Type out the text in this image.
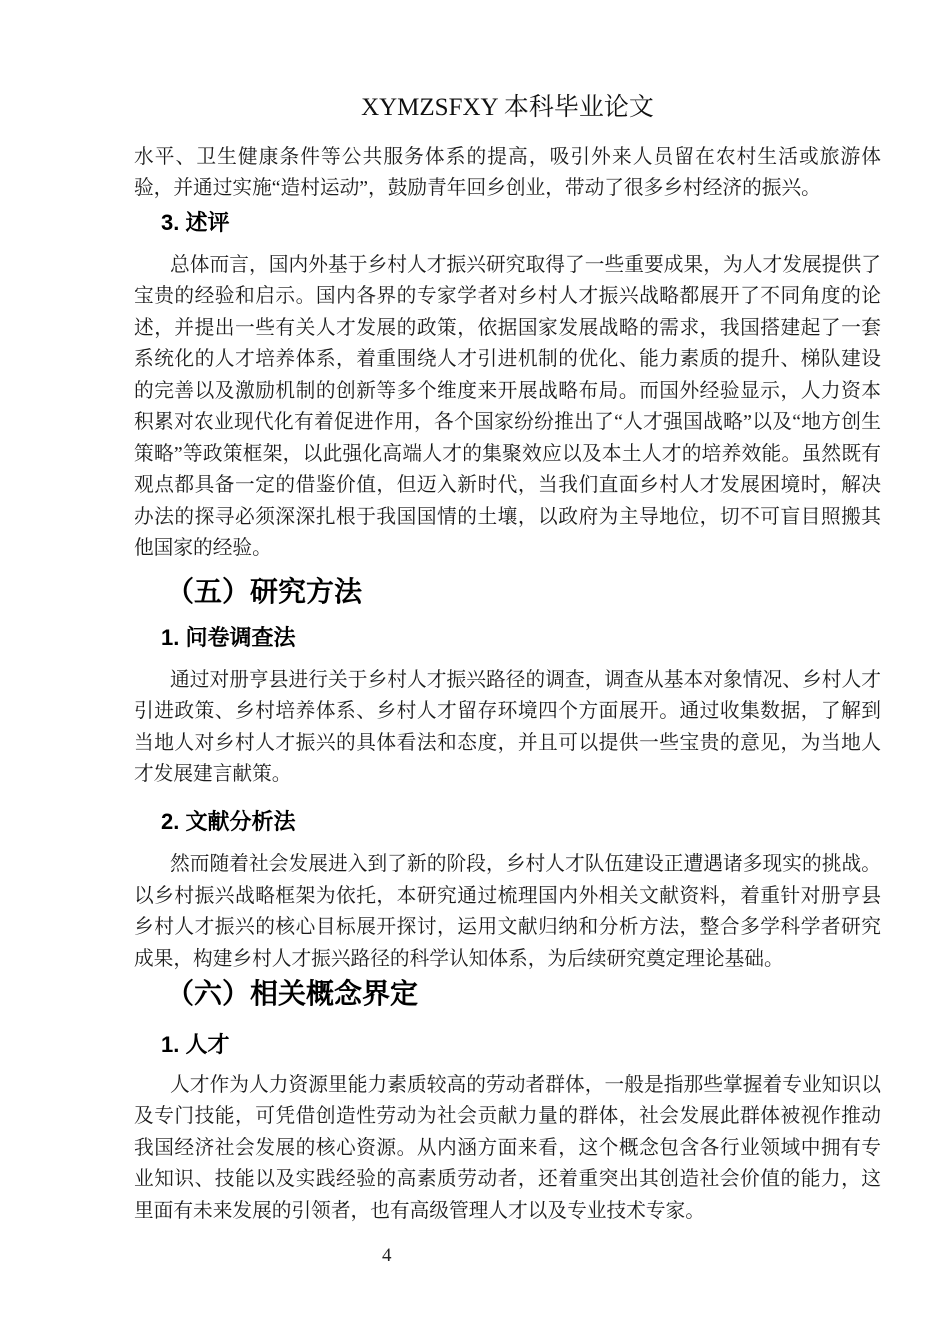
XYMZSFXY 本科毕业论文

水平、卫生健康条件等公共服务体系的提高，吸引外来人员留在农村生活或旅游体验，并通过实施“造村运动”，鼓励青年回乡创业，带动了很多乡村经济的振兴。

3. 述评

总体而言，国内外基于乡村人才振兴研究取得了一些重要成果，为人才发展提供了宝贵的经验和启示。国内各界的专家学者对乡村人才振兴战略都展开了不同角度的论述，并提出一些有关人才发展的政策，依据国家发展战略的需求，我国搭建起了一套系统化的人才培养体系，着重围绕人才引进机制的优化、能力素质的提升、梯队建设的完善以及激励机制的创新等多个维度来开展战略布局。而国外经验显示，人力资本积累对农业现代化有着促进作用，各个国家纷纷推出了“人才强国战略”以及“地方创生策略”等政策框架，以此强化高端人才的集聚效应以及本土人才的培养效能。虽然既有观点都具备一定的借鉴价值，但迈入新时代，当我们直面乡村人才发展困境时，解决办法的探寻必须深深扎根于我国国情的土壤，以政府为主导地位，切不可盲目照搬其他国家的经验。

（五）研究方法
1. 问卷调查法

通过对册亨县进行关于乡村人才振兴路径的调查，调查从基本对象情况、乡村人才引进政策、乡村培养体系、乡村人才留存环境四个方面展开。通过收集数据，了解到当地人对乡村人才振兴的具体看法和态度，并且可以提供一些宝贵的意见，为当地人才发展建言献策。

2. 文献分析法

然而随着社会发展进入到了新的阶段，乡村人才队伍建设正遭遇诸多现实的挑战。以乡村振兴战略框架为依托，本研究通过梳理国内外相关文献资料，着重针对册亨县乡村人才振兴的核心目标展开探讨，运用文献归纳和分析方法，整合多学科学者研究成果，构建乡村人才振兴路径的科学认知体系，为后续研究奠定理论基础。

（六）相关概念界定
1. 人才

人才作为人力资源里能力素质较高的劳动者群体，一般是指那些掌握着专业知识以及专门技能，可凭借创造性劳动为社会贡献力量的群体，社会发展此群体被视作推动我国经济社会发展的核心资源。从内涵方面来看，这个概念包含各行业领域中拥有专业知识、技能以及实践经验的高素质劳动者，还着重突出其创造社会价值的能力，这里面有未来发展的引领者，也有高级管理人才以及专业技术专家。

4
